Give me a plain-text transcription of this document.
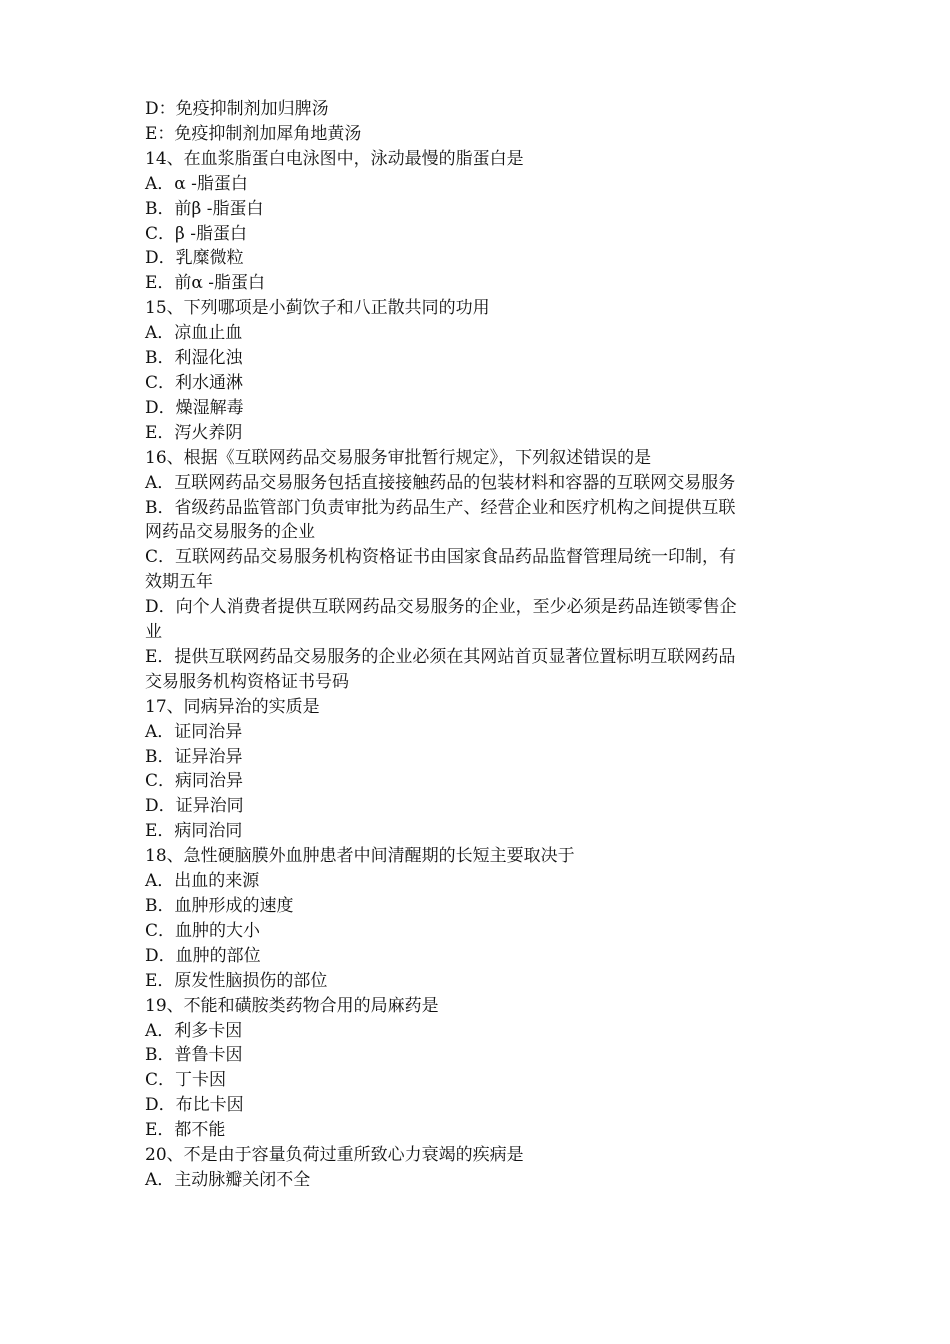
D：免疫抑制剂加归脾汤
E：免疫抑制剂加犀角地黄汤
14、在血浆脂蛋白电泳图中，泳动最慢的脂蛋白是
A．α -脂蛋白
B．前β -脂蛋白
C．β -脂蛋白
D．乳糜微粒
E．前α -脂蛋白
15、下列哪项是小蓟饮子和八正散共同的功用
A．凉血止血
B．利湿化浊
C．利水通淋
D．燥湿解毒
E．泻火养阴
16、根据《互联网药品交易服务审批暂行规定》，下列叙述错误的是
A．互联网药品交易服务包括直接接触药品的包装材料和容器的互联网交易服务
B．省级药品监管部门负责审批为药品生产、经营企业和医疗机构之间提供互联
网药品交易服务的企业
C．互联网药品交易服务机构资格证书由国家食品药品监督管理局统一印制，有
效期五年
D．向个人消费者提供互联网药品交易服务的企业，至少必须是药品连锁零售企
业
E．提供互联网药品交易服务的企业必须在其网站首页显著位置标明互联网药品
交易服务机构资格证书号码
17、同病异治的实质是
A．证同治异
B．证异治异
C．病同治异
D．证异治同
E．病同治同
18、急性硬脑膜外血肿患者中间清醒期的长短主要取决于
A．出血的来源
B．血肿形成的速度
C．血肿的大小
D．血肿的部位
E．原发性脑损伤的部位
19、不能和磺胺类药物合用的局麻药是
A．利多卡因
B．普鲁卡因
C．丁卡因
D．布比卡因
E．都不能
20、不是由于容量负荷过重所致心力衰竭的疾病是
A．主动脉瓣关闭不全
